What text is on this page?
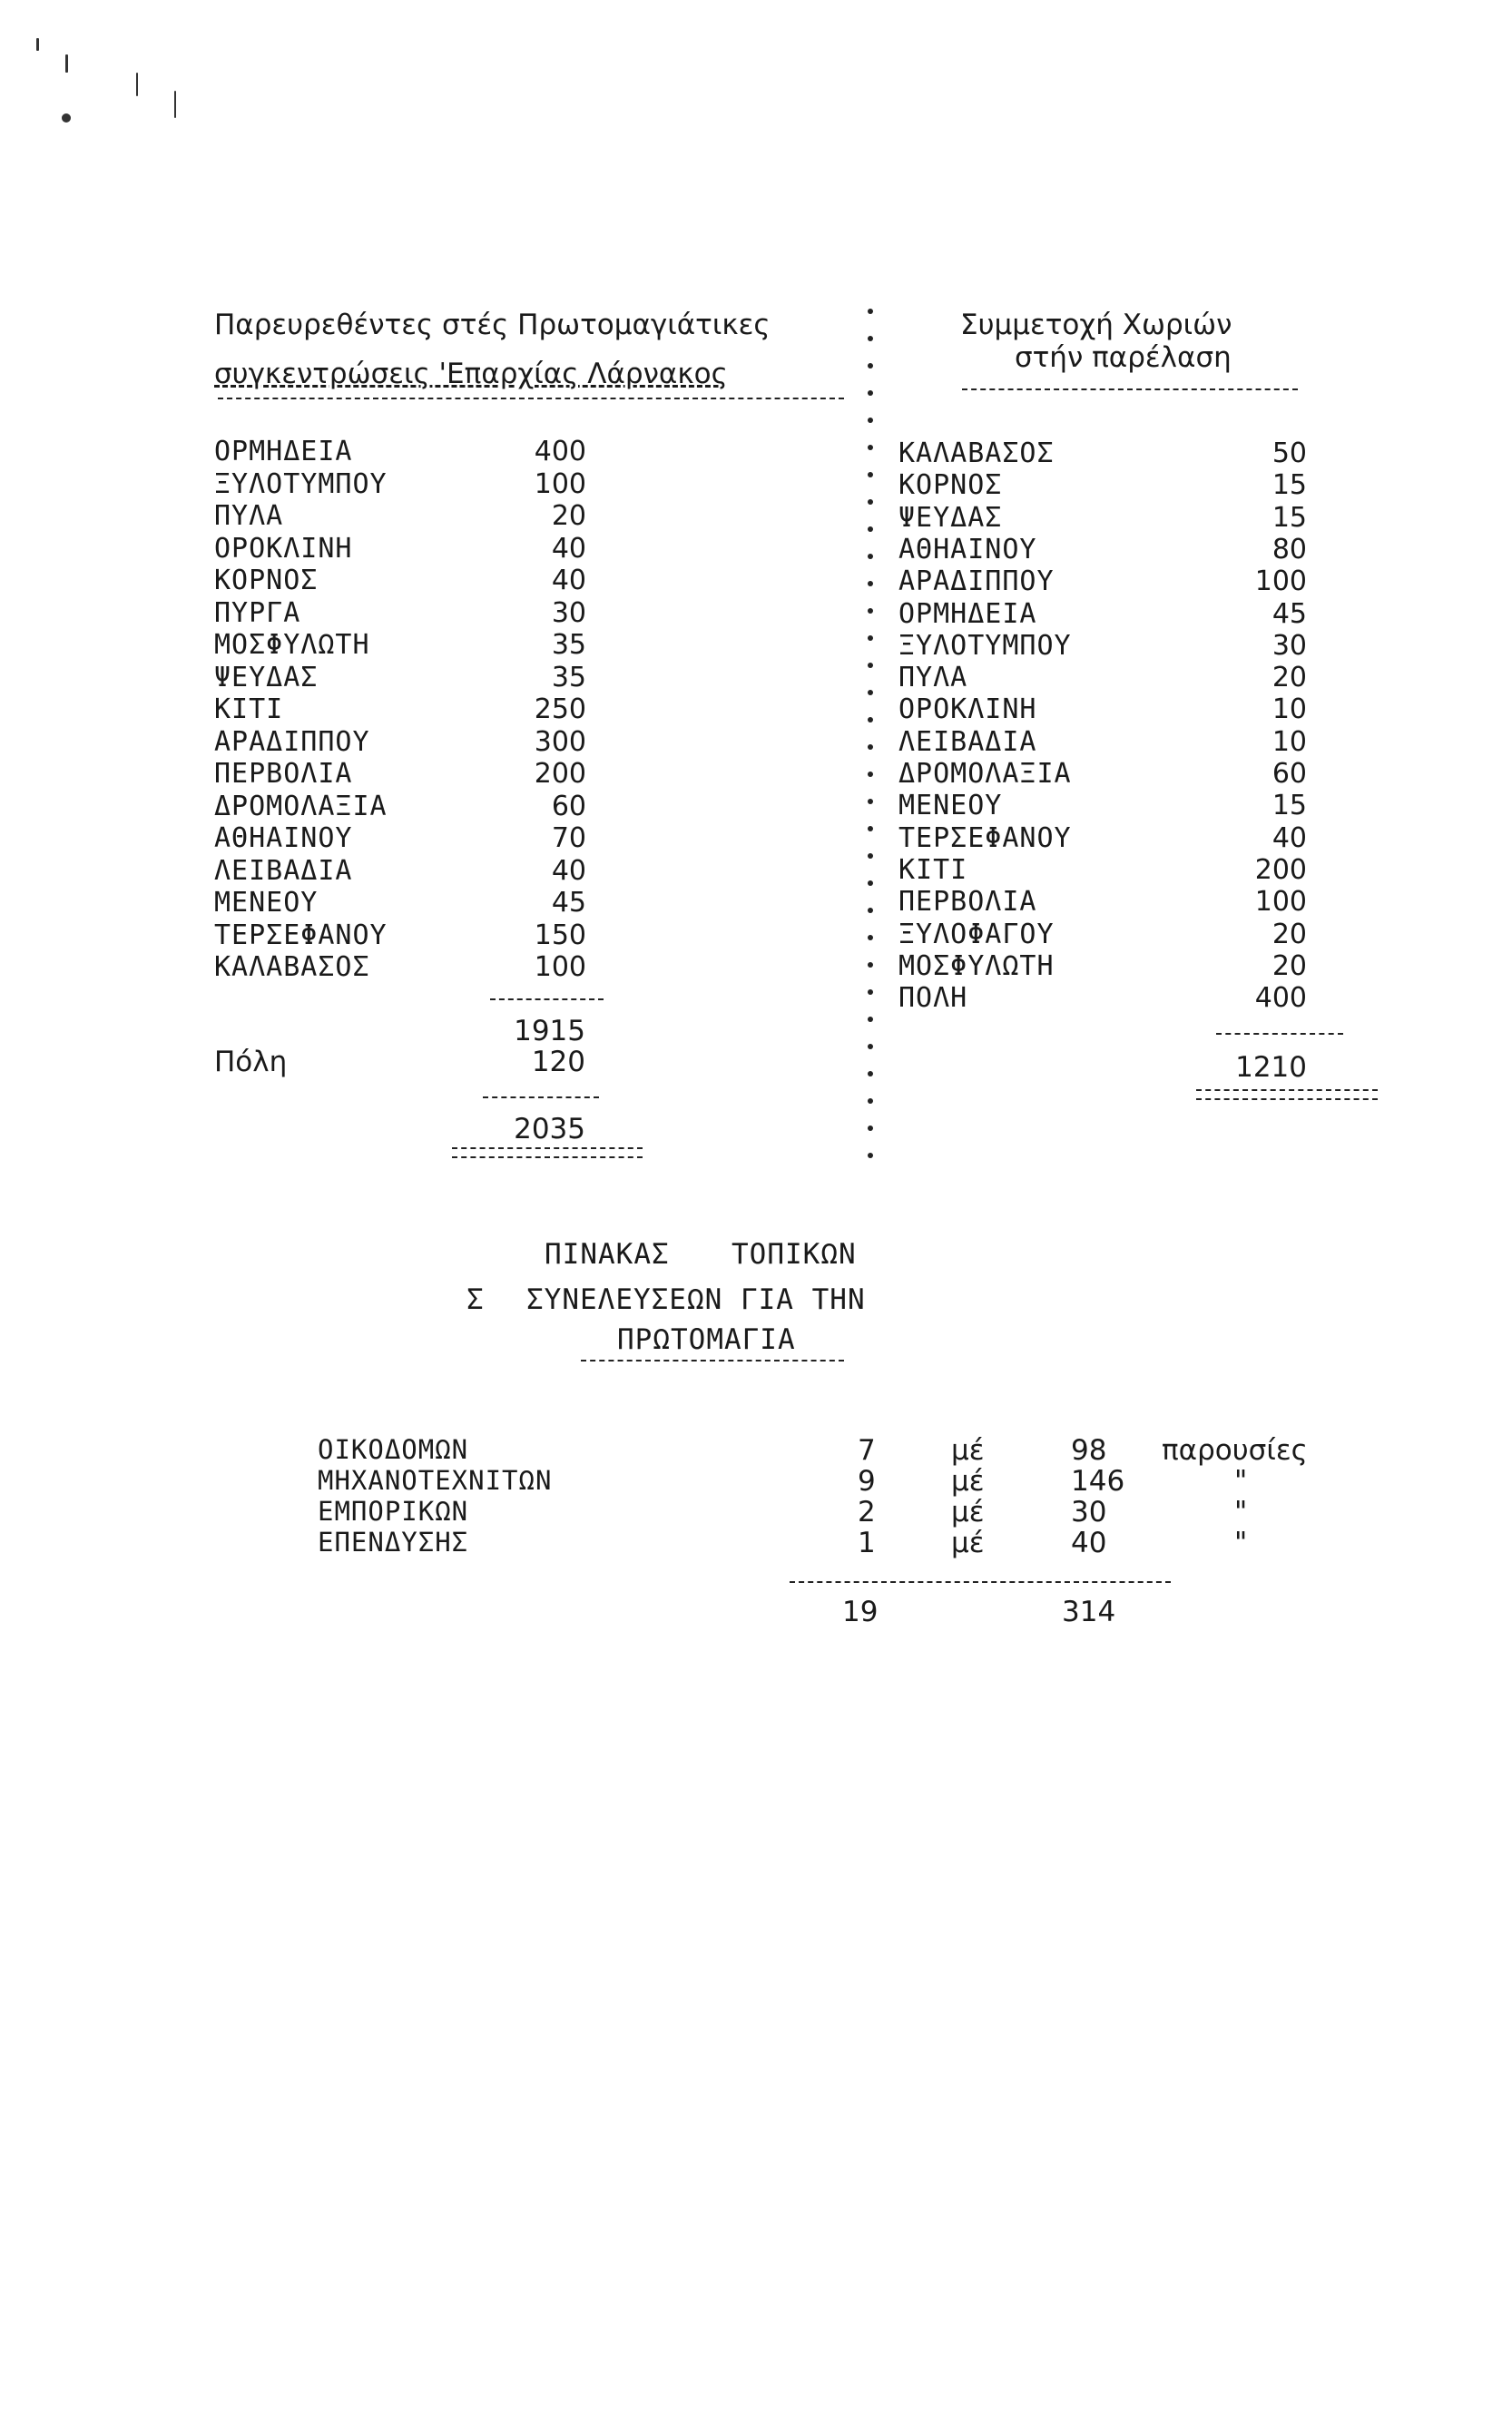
Παρευρεθέντες στές Πρωτομαγιάτικες
συγκεντρώσεις 'Επαρχίας Λάρνακος
ΟΡΜΗΔΕΙΑ	400
ΞΥΛΟΤΥΜΠΟΥ	100
ΠΥΛΑ	20
ΟΡΟΚΛΙΝΗ	40
ΚΟΡΝΟΣ	40
ΠΥΡΓΑ	30
ΜΟΣΦΥΛΩΤΗ	35
ΨΕΥΔΑΣ	35
ΚΙΤΙ	250
ΑΡΑΔΙΠΠΟΥ	300
ΠΕΡΒΟΛΙΑ	200
ΔΡΟΜΟΛΑΞΙΑ	60
ΑΘΗΑΙΝΟΥ	70
ΛΕΙΒΑΔΙΑ	40
ΜΕΝΕΟΥ	45
ΤΕΡΣΕΦΑΝΟΥ	150
ΚΑΛΑΒΑΣΟΣ	100
1915
Πόλη	120
2035
Συμμετοχή Χωριών
στήν παρέλαση
ΚΑΛΑΒΑΣΟΣ	50
ΚΟΡΝΟΣ	15
ΨΕΥΔΑΣ	15
ΑΘΗΑΙΝΟΥ	80
ΑΡΑΔΙΠΠΟΥ	100
ΟΡΜΗΔΕΙΑ	45
ΞΥΛΟΤΥΜΠΟΥ	30
ΠΥΛΑ	20
ΟΡΟΚΛΙΝΗ	10
ΛΕΙΒΑΔΙΑ	10
ΔΡΟΜΟΛΑΞΙΑ	60
ΜΕΝΕΟΥ	15
ΤΕΡΣΕΦΑΝΟΥ	40
ΚΙΤΙ	200
ΠΕΡΒΟΛΙΑ	100
ΞΥΛΟΦΑΓΟΥ	20
ΜΟΣΦΥΛΩΤΗ	20
ΠΟΛΗ	400
1210
ΠΙΝΑΚΑΣ ΤΟΠΙΚΩΝ
Σ ΣΥΝΕΛΕΥΣΕΩΝ ΓΙΑ ΤΗΝ
ΠΡΩΤΟΜΑΓΙΑ
ΟΙΚΟΔΟΜΩΝ	7	μέ	98 παρουσίες
ΜΗΧΑΝΟΤΕΧΝΙΤΩΝ	9	μέ	146	"
ΕΜΠΟΡΙΚΩΝ	2	μέ	30	"
ΕΠΕΝΔΥΣΗΣ	1	μέ	40	"
19	314
